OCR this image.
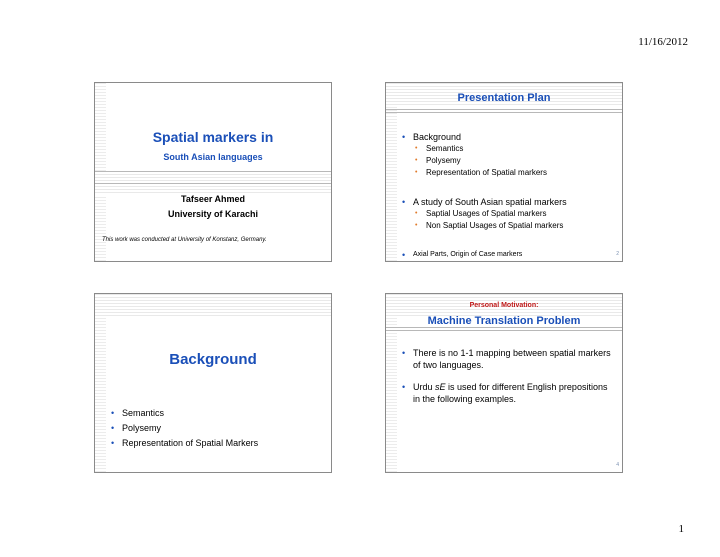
11/16/2012
Spatial markers in
South Asian languages
Tafseer Ahmed
University of Karachi
This work was conducted at University of Konstanz, Germany.
Presentation Plan
• Background
• Semantics
• Polysemy
• Representation of Spatial markers
• A study of South Asian spatial markers
• Saptial Usages of Spatial markers
• Non Saptial Usages of Spatial markers
• Axial Parts, Origin of Case markers	2
Background
• Semantics
• Polysemy
• Representation of Spatial Markers
Personal Motivation:
Machine Translation Problem
• There is no 1-1 mapping between spatial markers of two languages.
• Urdu sE is used for different English prepositions in the following examples.
4
1
